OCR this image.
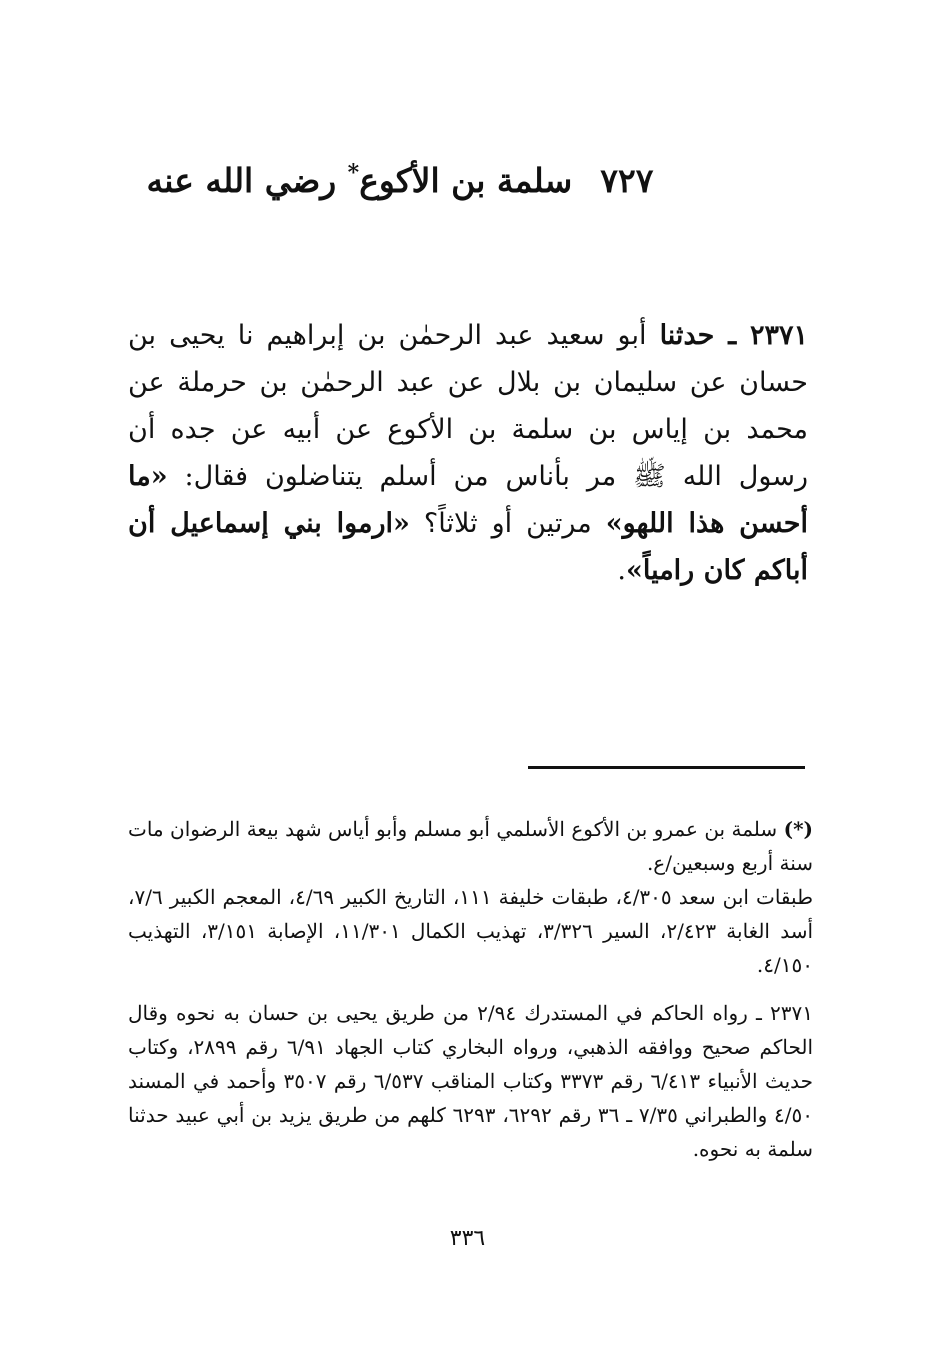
٧٢٧سلمة بن الأكوع* رضي الله عنه
٢٣٧١ ـ حدثنا أبو سعيد عبد الرحمٰن بن إبراهيم نا يحيى بن حسان عن سليمان بن بلال عن عبد الرحمٰن بن حرملة عن محمد بن إياس بن سلمة بن الأكوع عن أبيه عن جده أن رسول الله ﷺ مر بأناس من أسلم يتناضلون فقال: «ما أحسن هذا اللهو» مرتين أو ثلاثاً؟ «ارموا بني إسماعيل أن أباكم كان رامياً».
(*) سلمة بن عمرو بن الأكوع الأسلمي أبو مسلم وأبو أياس شهد بيعة الرضوان مات سنة أربع وسبعين/ع.
طبقات ابن سعد ٤/٣٠٥، طبقات خليفة ١١١، التاريخ الكبير ٤/٦٩، المعجم الكبير ٧/٦، أسد الغابة ٢/٤٢٣، السير ٣/٣٢٦، تهذيب الكمال ١١/٣٠١، الإصابة ٣/١٥١، التهذيب ٤/١٥٠.
٢٣٧١ ـ رواه الحاكم في المستدرك ٢/٩٤ من طريق يحيى بن حسان به نحوه وقال الحاكم صحيح ووافقه الذهبي، ورواه البخاري كتاب الجهاد ٦/٩١ رقم ٢٨٩٩، وكتاب حديث الأنبياء ٦/٤١٣ رقم ٣٣٧٣ وكتاب المناقب ٦/٥٣٧ رقم ٣٥٠٧ وأحمد في المسند ٤/٥٠ والطبراني ٧/٣٥ ـ ٣٦ رقم ٦٢٩٢، ٦٢٩٣ كلهم من طريق يزيد بن أبي عبيد حدثنا سلمة به نحوه.
٣٣٦
